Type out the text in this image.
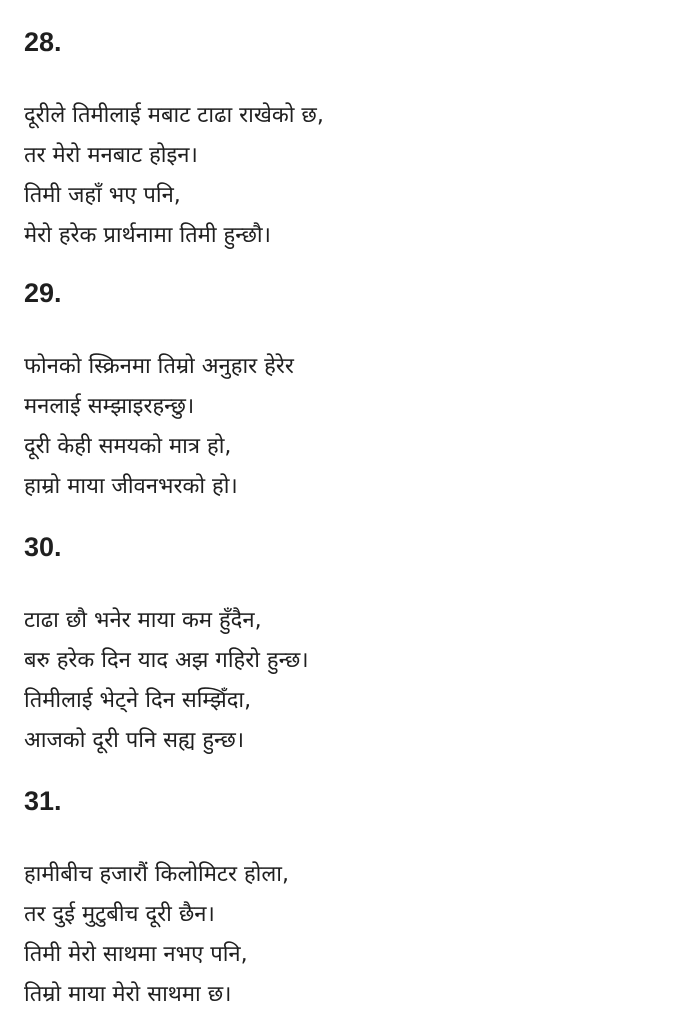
28.
दूरीले तिमीलाई मबाट टाढा राखेको छ,
तर मेरो मनबाट होइन।
तिमी जहाँ भए पनि,
मेरो हरेक प्रार्थनामा तिमी हुन्छौ।
29.
फोनको स्क्रिनमा तिम्रो अनुहार हेरेर
मनलाई सम्झाइरहन्छु।
दूरी केही समयको मात्र हो,
हाम्रो माया जीवनभरको हो।
30.
टाढा छौ भनेर माया कम हुँदैन,
बरु हरेक दिन याद अझ गहिरो हुन्छ।
तिमीलाई भेट्ने दिन सम्झिँदा,
आजको दूरी पनि सह्य हुन्छ।
31.
हामीबीच हजारौं किलोमिटर होला,
तर दुई मुटुबीच दूरी छैन।
तिमी मेरो साथमा नभए पनि,
तिम्रो माया मेरो साथमा छ।
